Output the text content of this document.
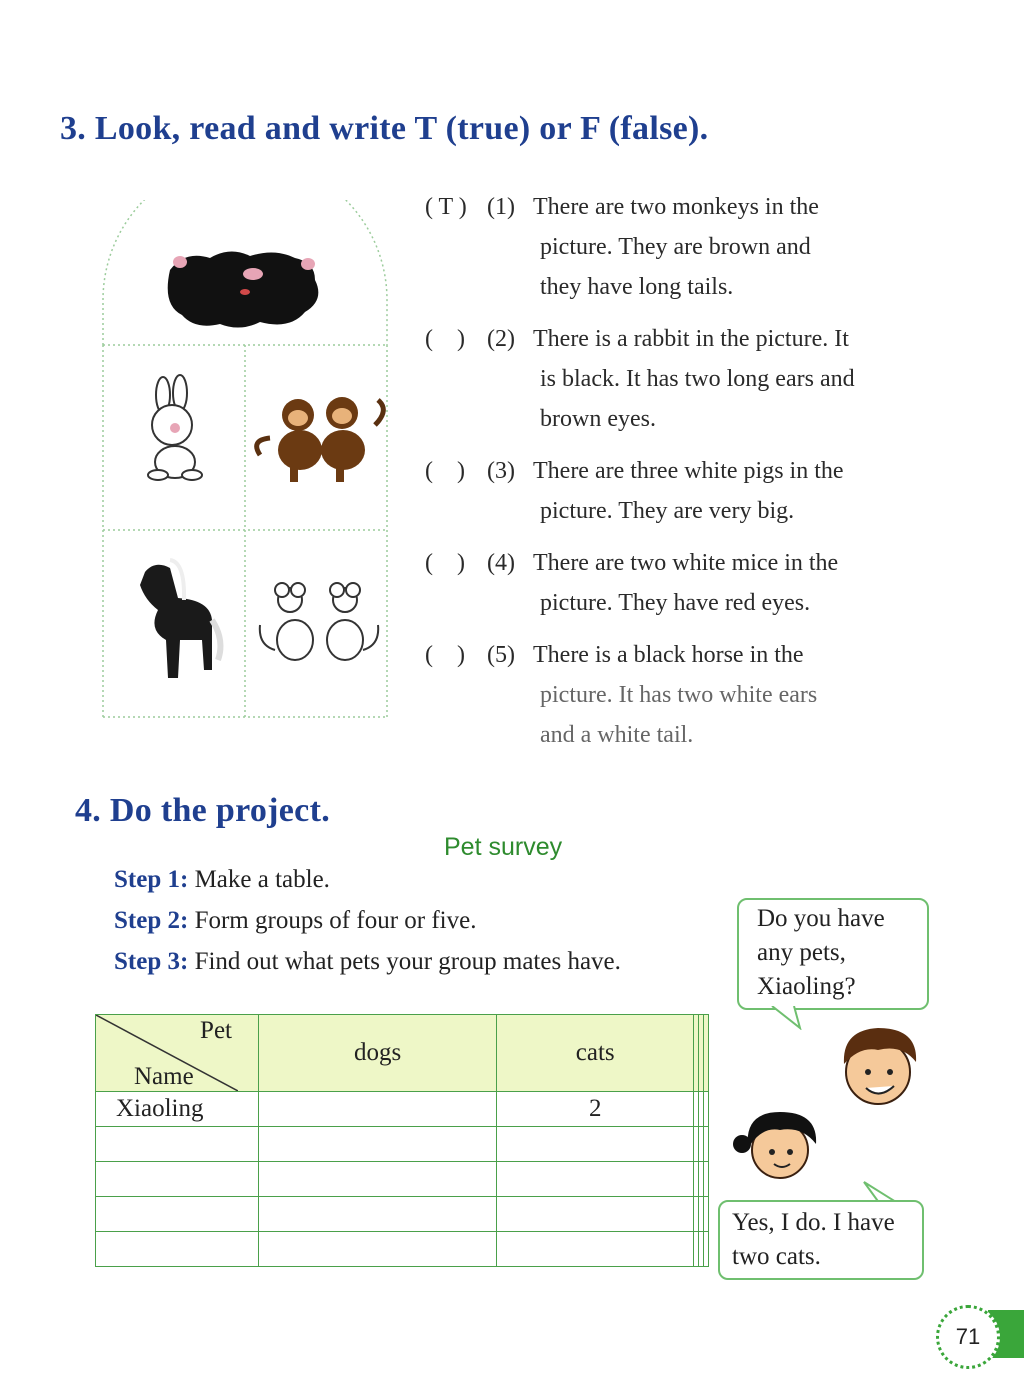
3. Look, read and write T (true) or F (false).
( T ) (1) There are two monkeys in the
picture. They are brown and
they have long tails.
(    ) (2) There is a rabbit in the picture. It
is black. It has two long ears and
brown eyes.
(    ) (3) There are three white pigs in the
picture. They are very big.
(    ) (4) There are two white mice in the
picture. They have red eyes.
(    ) (5) There is a black horse in the
picture. It has two white ears
and a white tail.
4. Do the project.
Pet survey
Step 1: Make a table.
Step 2: Form groups of four or five.
Step 3: Find out what pets your group mates have.
Pet
Name	dogs	cats			
Xiaoling		2			

Do you have
any pets,
Xiaoling?
Yes, I do. I have
two cats.
71
